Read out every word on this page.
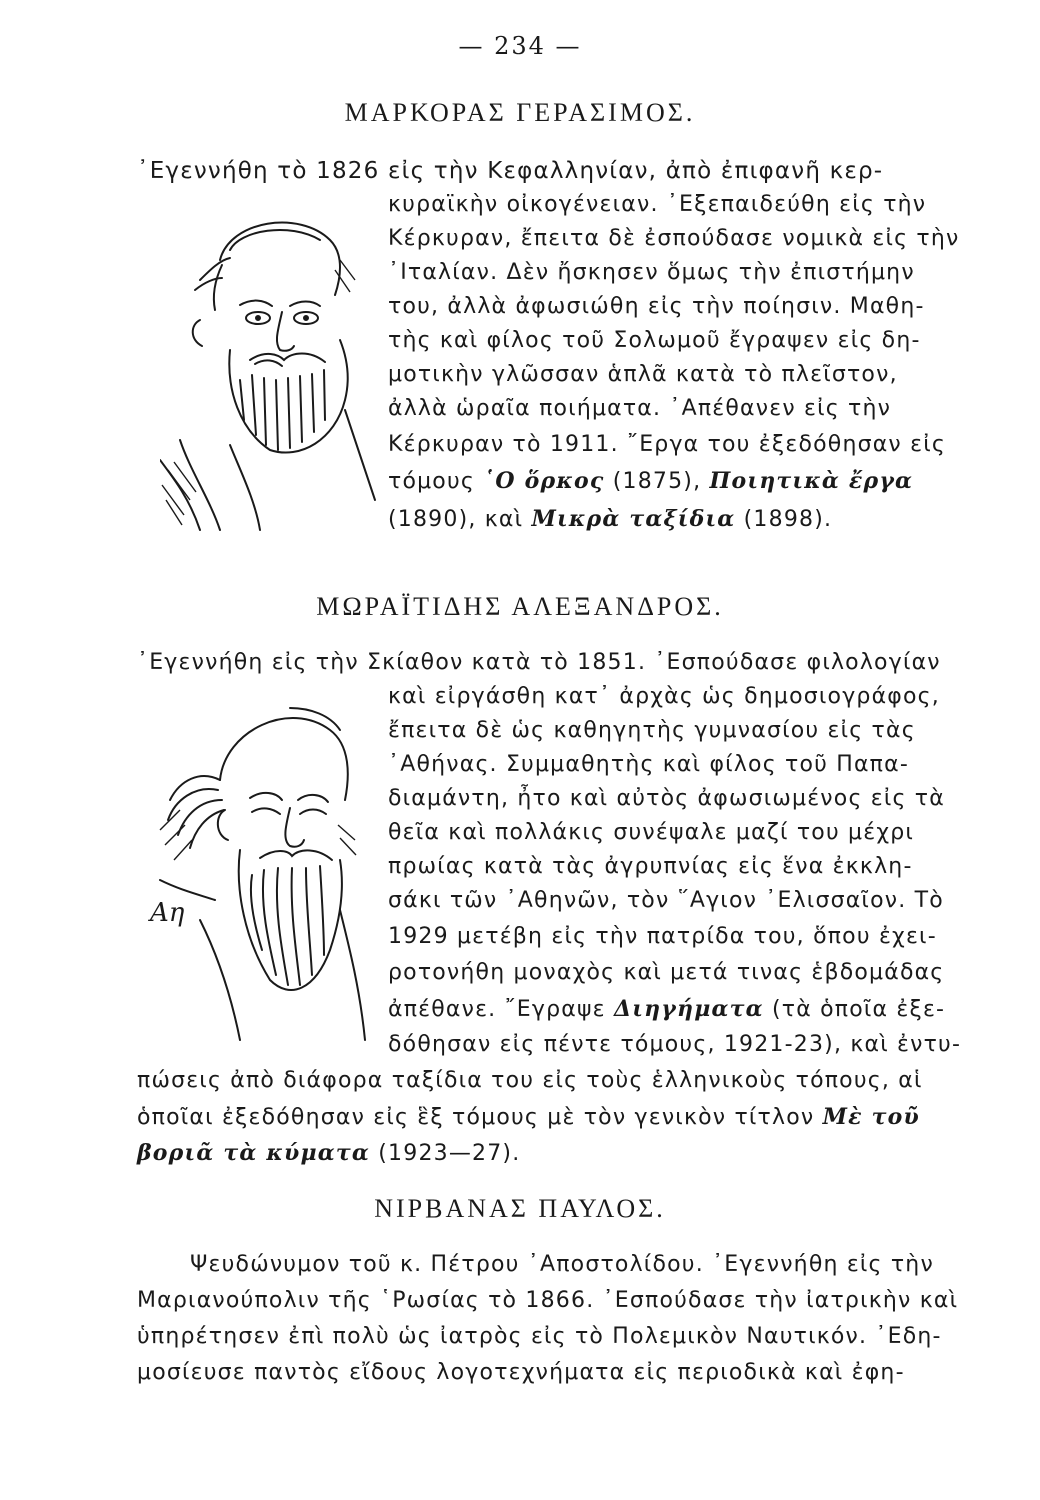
— 234 —
ΜΑΡΚΟΡΑΣ ΓΕΡΑΣΙΜΟΣ.
᾿Εγεννήθη τὸ 1826 εἰς τὴν Κεφαλληνίαν, ἀπὸ ἐπιφανῆ κερ-
κυραϊκὴν οἰκογένειαν. ᾿Εξεπαιδεύθη εἰς τὴν
Κέρκυραν, ἔπειτα δὲ ἐσπούδασε νομικὰ εἰς τὴν
᾿Ιταλίαν. Δὲν ἤσκησεν ὅμως τὴν ἐπιστήμην
του, ἀλλὰ ἀφωσιώθη εἰς τὴν ποίησιν. Μαθη-
τὴς καὶ φίλος τοῦ Σολωμοῦ ἔγραψεν εἰς δη-
μοτικὴν γλῶσσαν ἁπλᾶ κατὰ τὸ πλεῖστον,
ἀλλὰ ὡραῖα ποιήματα. ᾿Απέθανεν εἰς τὴν
Κέρκυραν τὸ 1911. ῎Εργα του ἐξεδόθησαν εἰς
τόμους ῾Ο ὅρκος (1875), Ποιητικὰ ἔργα
(1890), καὶ Μικρὰ ταξίδια (1898).
ΜΩΡΑΪΤΙΔΗΣ ΑΛΕΞΑΝΔΡΟΣ.
᾿Εγεννήθη εἰς τὴν Σκίαθον κατὰ τὸ 1851. ᾿Εσπούδασε φιλολογίαν
καὶ εἰργάσθη κατ᾿ ἀρχὰς ὡς δημοσιογράφος,
ἔπειτα δὲ ὡς καθηγητὴς γυμνασίου εἰς τὰς
᾿Αθήνας. Συμμαθητὴς καὶ φίλος τοῦ Παπα-
διαμάντη, ἦτο καὶ αὐτὸς ἀφωσιωμένος εἰς τὰ
θεῖα καὶ πολλάκις συνέψαλε μαζί του μέχρι
πρωίας κατὰ τὰς ἀγρυπνίας εἰς ἕνα ἐκκλη-
σάκι τῶν ᾿Αθηνῶν, τὸν ῞Αγιον ᾿Ελισσαῖον. Τὸ
1929 μετέβη εἰς τὴν πατρίδα του, ὅπου ἐχει-
ροτονήθη μοναχὸς καὶ μετά τινας ἑβδομάδας
ἀπέθανε. ῎Εγραψε Διηγήματα (τὰ ὁποῖα ἐξε-
δόθησαν εἰς πέντε τόμους, 1921-23), καὶ ἐντυ-
πώσεις ἀπὸ διάφορα ταξίδια του εἰς τοὺς ἑλληνικοὺς τόπους, αἱ
ὁποῖαι ἐξεδόθησαν εἰς ἓξ τόμους μὲ τὸν γενικὸν τίτλον Μὲ τοῦ
βοριᾶ τὰ κύματα (1923—27).
Αη
ΝΙΡΒΑΝΑΣ ΠΑΥΛΟΣ.
Ψευδώνυμον τοῦ κ. Πέτρου ᾿Αποστολίδου. ᾿Εγεννήθη εἰς τὴν
Μαριανούπολιν τῆς ῾Ρωσίας τὸ 1866. ᾿Εσπούδασε τὴν ἰατρικὴν καὶ
ὑπηρέτησεν ἐπὶ πολὺ ὡς ἰατρὸς εἰς τὸ Πολεμικὸν Ναυτικόν. ᾿Εδη-
μοσίευσε παντὸς εἴδους λογοτεχνήματα εἰς περιοδικὰ καὶ ἐφη-
